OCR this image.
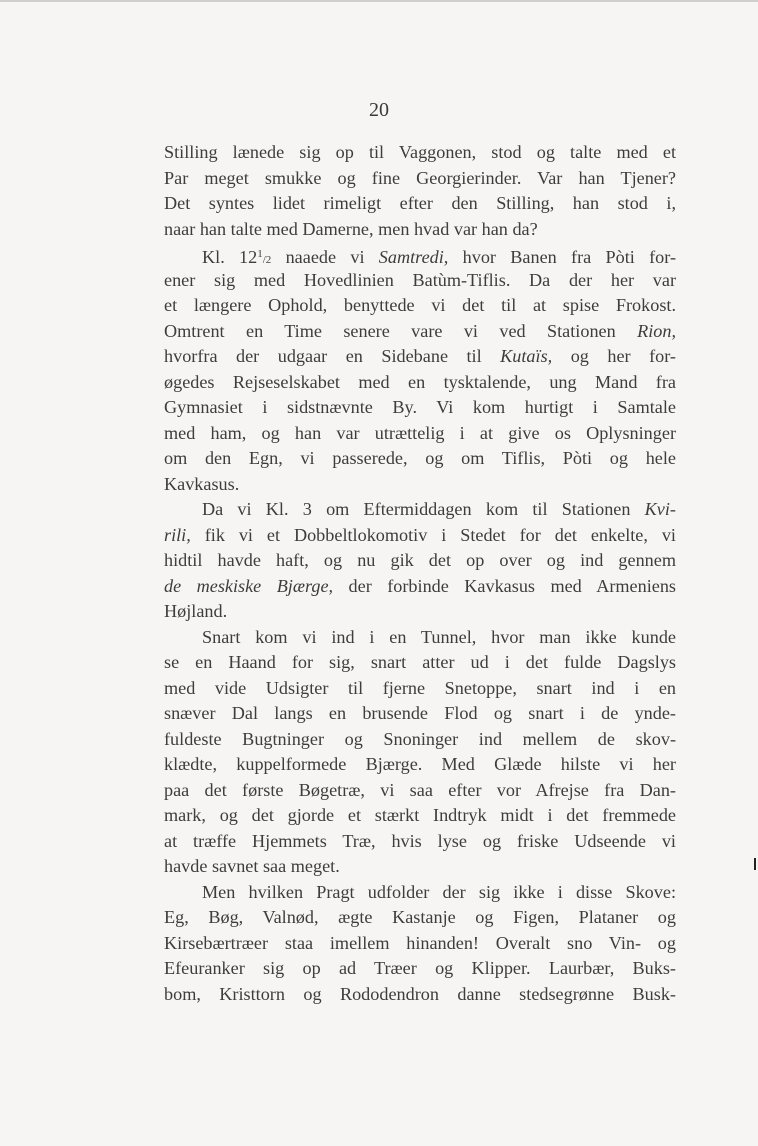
20
Stilling lænede sig op til Vaggonen, stod og talte med et
Par meget smukke og fine Georgierinder. Var han Tjener?
Det syntes lidet rimeligt efter den Stilling, han stod i,
naar han talte med Damerne, men hvad var han da?
Kl. $12^1/2$ naaede vi Samtredi, hvor Banen fra Pòti for-
ener sig med Hovedlinien Batùm-Tiflis. Da der her var
et længere Ophold, benyttede vi det til at spise Frokost.
Omtrent en Time senere vare vi ved Stationen Rion,
hvorfra der udgaar en Sidebane til Kutaïs, og her for-
øgedes Rejseselskabet med en tysktalende, ung Mand fra
Gymnasiet i sidstnævnte By. Vi kom hurtigt i Samtale
med ham, og han var utrættelig i at give os Oplysninger
om den Egn, vi passerede, og om Tiflis, Pòti og hele
Kavkasus.
Da vi Kl. 3 om Eftermiddagen kom til Stationen Kvi-
rili, fik vi et Dobbeltlokomotiv i Stedet for det enkelte, vi
hidtil havde haft, og nu gik det op over og ind gennem
de meskiske Bjærge, der forbinde Kavkasus med Armeniens
Højland.
Snart kom vi ind i en Tunnel, hvor man ikke kunde
se en Haand for sig, snart atter ud i det fulde Dagslys
med vide Udsigter til fjerne Snetoppe, snart ind i en
snæver Dal langs en brusende Flod og snart i de ynde-
fuldeste Bugtninger og Snoninger ind mellem de skov-
klædte, kuppelformede Bjærge. Med Glæde hilste vi her
paa det første Bøgetræ, vi saa efter vor Afrejse fra Dan-
mark, og det gjorde et stærkt Indtryk midt i det fremmede
at træffe Hjemmets Træ, hvis lyse og friske Udseende vi
havde savnet saa meget.
Men hvilken Pragt udfolder der sig ikke i disse Skove:
Eg, Bøg, Valnød, ægte Kastanje og Figen, Plataner og
Kirsebærtræer staa imellem hinanden! Overalt sno Vin- og
Efeuranker sig op ad Træer og Klipper. Laurbær, Buks-
bom, Kristtorn og Rododendron danne stedsegrønne Busk-
